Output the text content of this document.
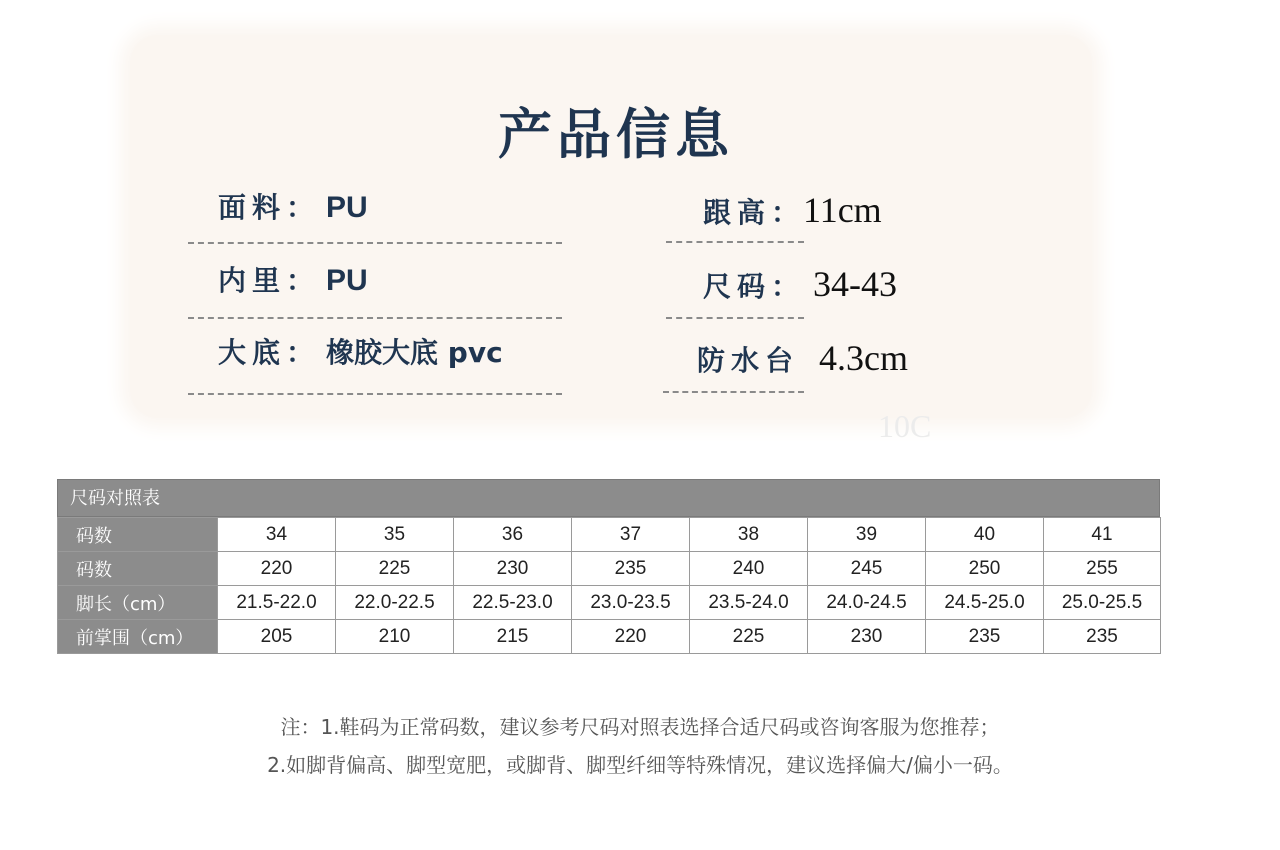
产品信息
面料： PU
内里： PU
大底： 橡胶大底 pvc
跟高： 11cm
尺码： 34-43
防水台 4.3cm
10C
尺码对照表
码数	34	35	36	37	38	39	40	41
码数	220	225	230	235	240	245	250	255
脚长（cm）	21.5-22.0	22.0-22.5	22.5-23.0	23.0-23.5	23.5-24.0	24.0-24.5	24.5-25.0	25.0-25.5
前掌围（cm）	205	210	215	220	225	230	235	235
注：1.鞋码为正常码数，建议参考尺码对照表选择合适尺码或咨询客服为您推荐；
2.如脚背偏高、脚型宽肥，或脚背、脚型纤细等特殊情况，建议选择偏大/偏小一码。
